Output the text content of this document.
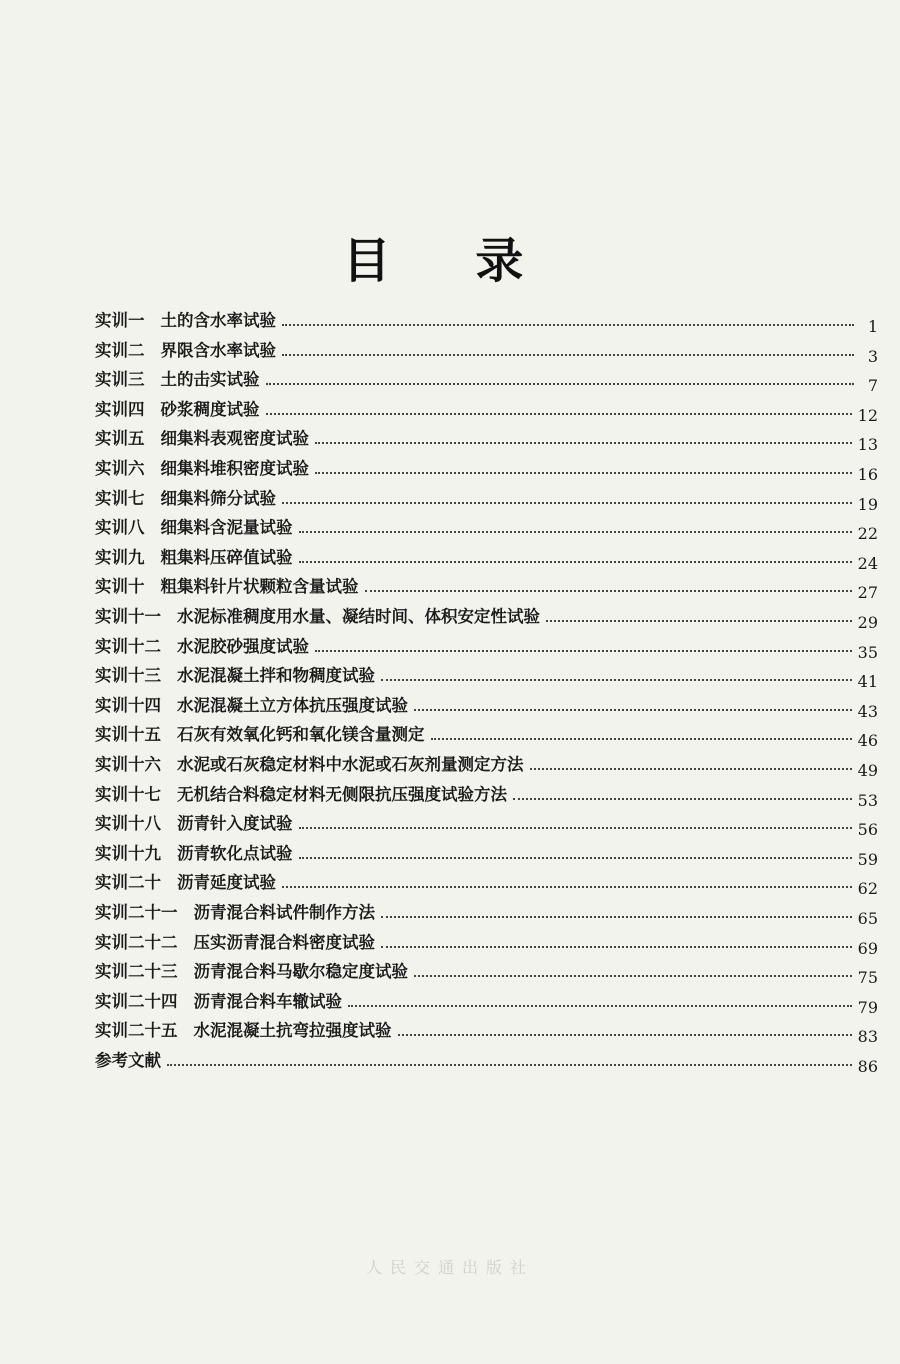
目 录
实训一 土的含水率试验	1
实训二 界限含水率试验	3
实训三 土的击实试验	7
实训四 砂浆稠度试验	12
实训五 细集料表观密度试验	13
实训六 细集料堆积密度试验	16
实训七 细集料筛分试验	19
实训八 细集料含泥量试验	22
实训九 粗集料压碎值试验	24
实训十 粗集料针片状颗粒含量试验	27
实训十一 水泥标准稠度用水量、凝结时间、体积安定性试验	29
实训十二 水泥胶砂强度试验	35
实训十三 水泥混凝土拌和物稠度试验	41
实训十四 水泥混凝土立方体抗压强度试验	43
实训十五 石灰有效氧化钙和氧化镁含量测定	46
实训十六 水泥或石灰稳定材料中水泥或石灰剂量测定方法	49
实训十七 无机结合料稳定材料无侧限抗压强度试验方法	53
实训十八 沥青针入度试验	56
实训十九 沥青软化点试验	59
实训二十 沥青延度试验	62
实训二十一 沥青混合料试件制作方法	65
实训二十二 压实沥青混合料密度试验	69
实训二十三 沥青混合料马歇尔稳定度试验	75
实训二十四 沥青混合料车辙试验	79
实训二十五 水泥混凝土抗弯拉强度试验	83
参考文献	86
人民交通出版社
